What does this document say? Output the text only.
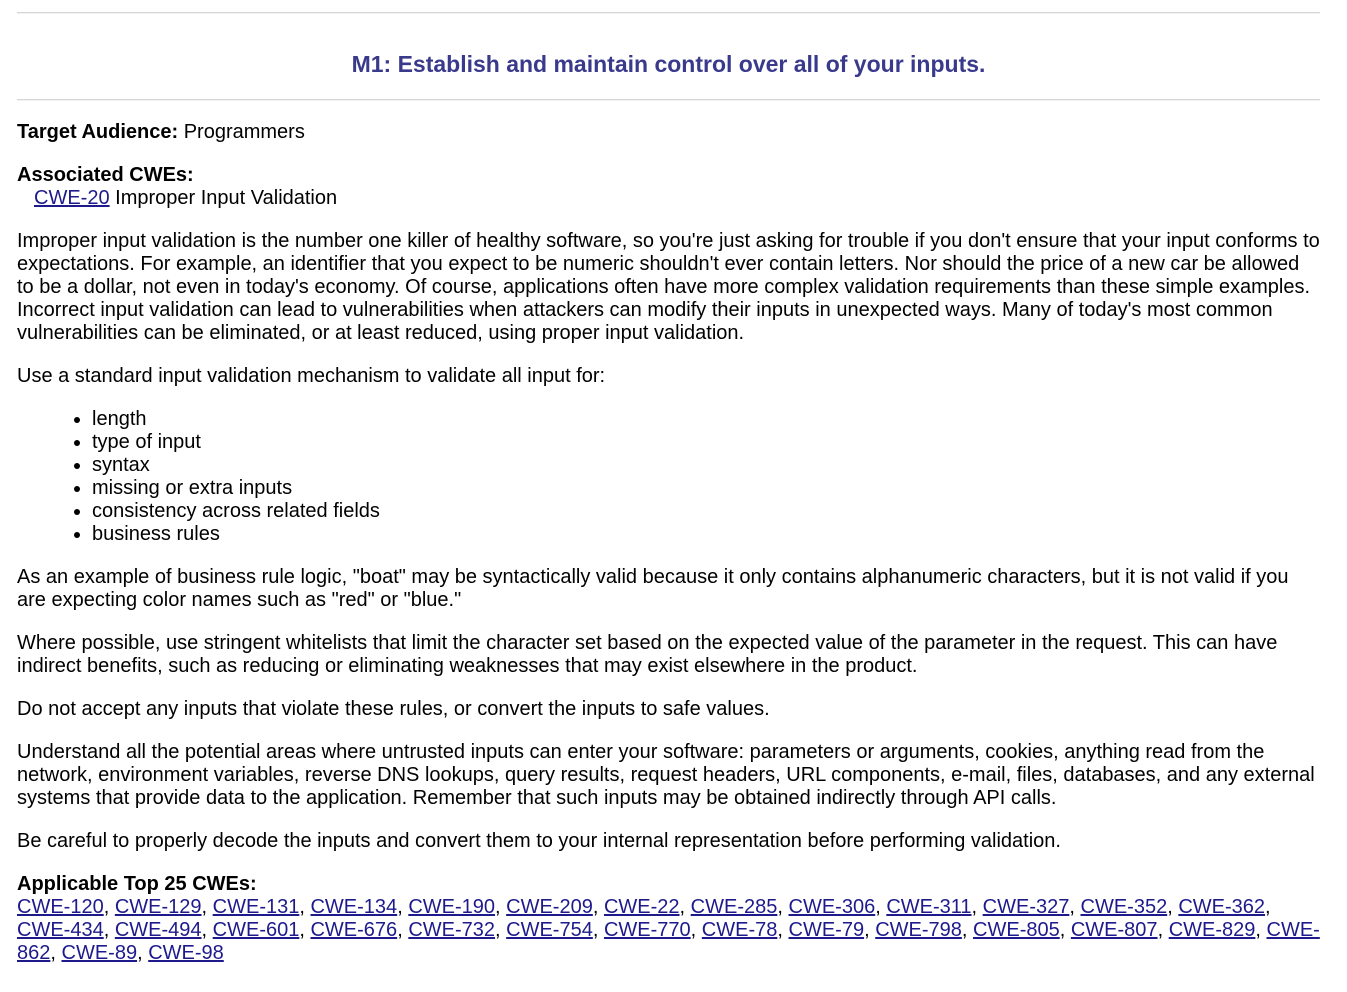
M1: Establish and maintain control over all of your inputs.

Target Audience: Programmers

Associated CWEs:
CWE-20 Improper Input Validation

Improper input validation is the number one killer of healthy software, so you're just asking for trouble if you don't ensure that your input conforms to expectations. For example, an identifier that you expect to be numeric shouldn't ever contain letters. Nor should the price of a new car be allowed to be a dollar, not even in today's economy. Of course, applications often have more complex validation requirements than these simple examples. Incorrect input validation can lead to vulnerabilities when attackers can modify their inputs in unexpected ways. Many of today's most common vulnerabilities can be eliminated, or at least reduced, using proper input validation.

Use a standard input validation mechanism to validate all input for:

• length
• type of input
• syntax
• missing or extra inputs
• consistency across related fields
• business rules

As an example of business rule logic, "boat" may be syntactically valid because it only contains alphanumeric characters, but it is not valid if you are expecting color names such as "red" or "blue."

Where possible, use stringent whitelists that limit the character set based on the expected value of the parameter in the request. This can have indirect benefits, such as reducing or eliminating weaknesses that may exist elsewhere in the product.

Do not accept any inputs that violate these rules, or convert the inputs to safe values.

Understand all the potential areas where untrusted inputs can enter your software: parameters or arguments, cookies, anything read from the network, environment variables, reverse DNS lookups, query results, request headers, URL components, e-mail, files, databases, and any external systems that provide data to the application. Remember that such inputs may be obtained indirectly through API calls.

Be careful to properly decode the inputs and convert them to your internal representation before performing validation.

Applicable Top 25 CWEs:
CWE-120, CWE-129, CWE-131, CWE-134, CWE-190, CWE-209, CWE-22, CWE-285, CWE-306, CWE-311, CWE-327, CWE-352, CWE-362, CWE-434, CWE-494, CWE-601, CWE-676, CWE-732, CWE-754, CWE-770, CWE-78, CWE-79, CWE-798, CWE-805, CWE-807, CWE-829, CWE-862, CWE-89, CWE-98
